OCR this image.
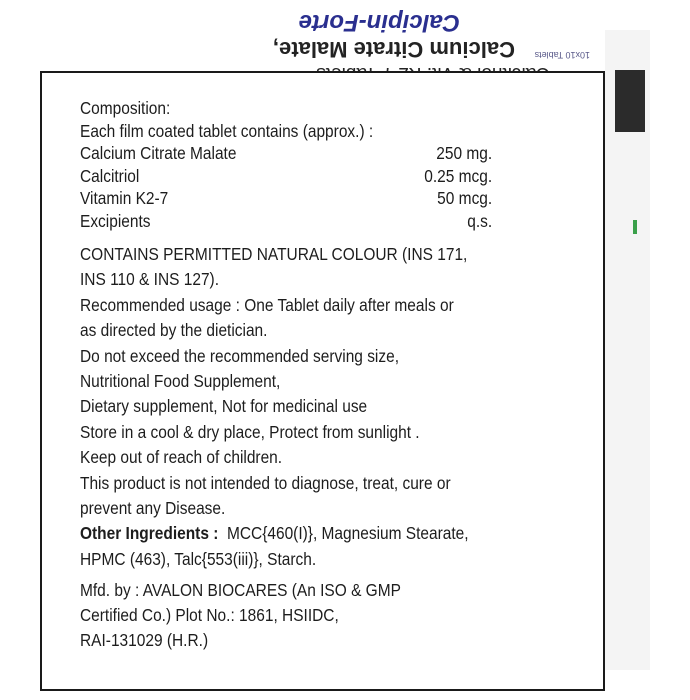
Calcipin-Forte
Calcium Citrate Malate, 10x10 Tablets
Composition:
Each film coated tablet contains (approx.) :
Calcium Citrate Malate	250 mg.
Calcitriol	0.25 mcg.
Vitamin K2-7	50 mcg.
Excipients	q.s.
CONTAINS PERMITTED NATURAL COLOUR (INS 171,
INS 110 & INS 127).
Recommended usage : One Tablet daily after meals or
as directed by the dietician.
Do not exceed the recommended serving size,
Nutritional Food Supplement,
Dietary supplement, Not for medicinal use
Store in a cool & dry place, Protect from sunlight .
Keep out of reach of children.
This product is not intended to diagnose, treat, cure or
prevent any Disease.
Other Ingredients :  MCC{460(I)}, Magnesium Stearate,
HPMC (463), Talc{553(iii)}, Starch.
Mfd. by : AVALON BIOCARES (An ISO & GMP
Certified Co.) Plot No.: 1861, HSIIDC,
RAI-131029 (H.R.)
